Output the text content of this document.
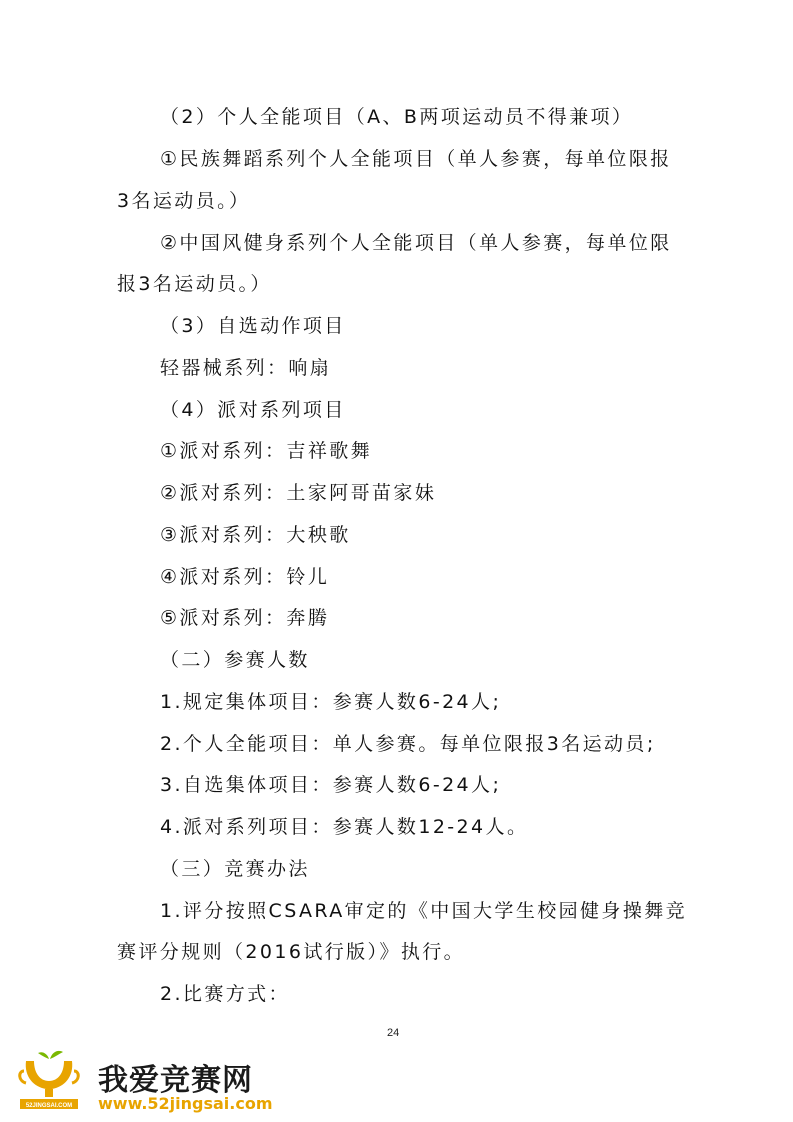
（2）个人全能项目（A、B两项运动员不得兼项）
①民族舞蹈系列个人全能项目（单人参赛，每单位限报
3名运动员。）
②中国风健身系列个人全能项目（单人参赛，每单位限
报3名运动员。）
（3）自选动作项目
轻器械系列：响扇
（4）派对系列项目
①派对系列：吉祥歌舞
②派对系列：土家阿哥苗家妹
③派对系列：大秧歌
④派对系列：铃儿
⑤派对系列：奔腾
（二）参赛人数
1.规定集体项目：参赛人数6-24人;
2.个人全能项目：单人参赛。每单位限报3名运动员;
3.自选集体项目：参赛人数6-24人;
4.派对系列项目：参赛人数12-24人。
（三）竞赛办法
1.评分按照CSARA审定的《中国大学生校园健身操舞竞
赛评分规则（2016试行版）》执行。
2.比赛方式：
24
52JINGSAI.COM
我爱竞赛网
www.52jingsai.com
